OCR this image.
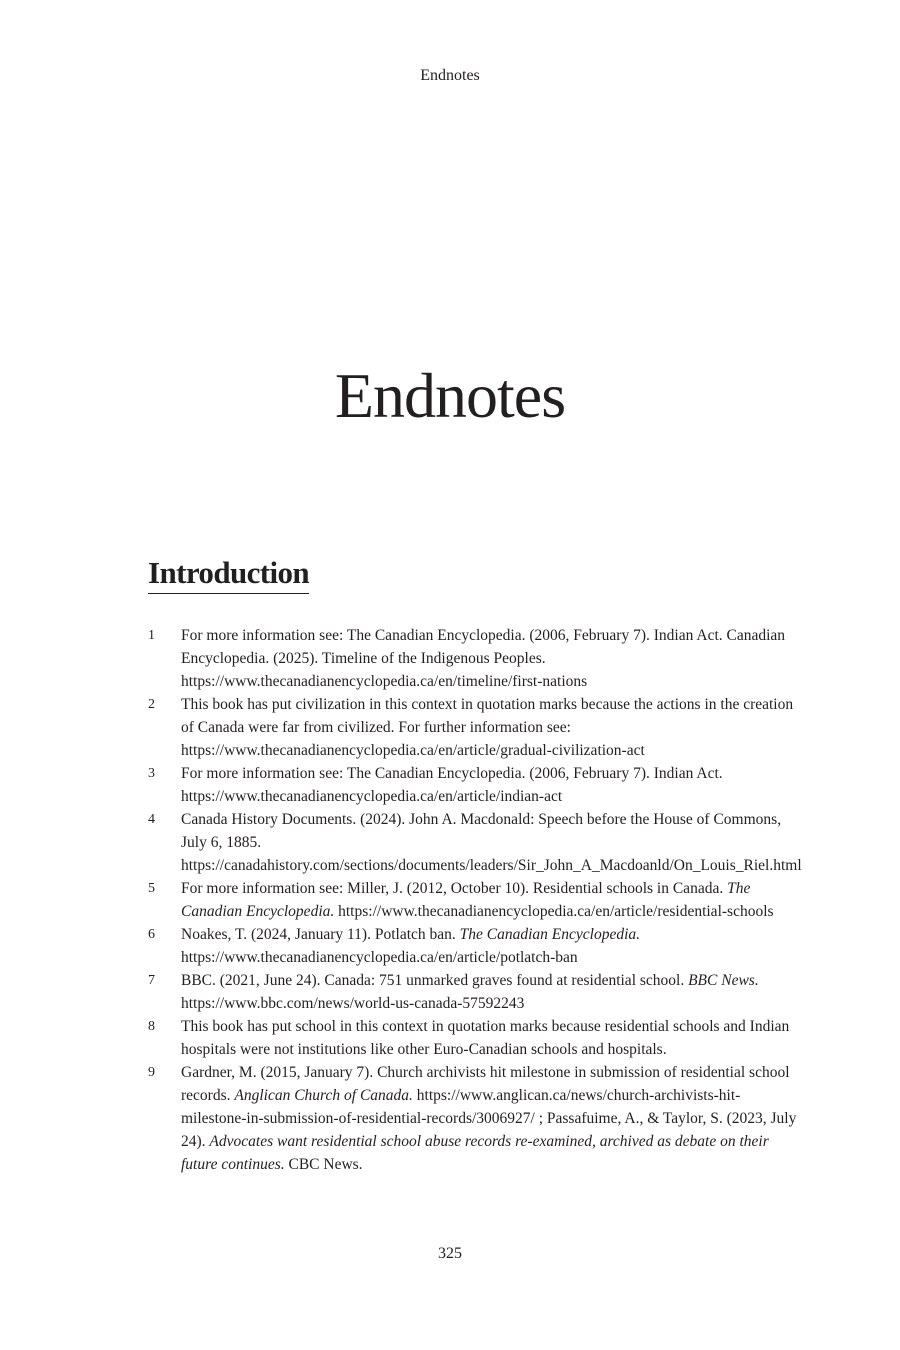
Endnotes
Endnotes
Introduction
1	For more information see: The Canadian Encyclopedia. (2006, February 7). Indian Act. Canadian Encyclopedia. (2025). Timeline of the Indigenous Peoples. https://www.thecanadianencyclopedia.ca/en/timeline/first-nations
2	This book has put civilization in this context in quotation marks because the actions in the creation of Canada were far from civilized. For further information see: https://www.thecanadianencyclopedia.ca/en/article/gradual-civilization-act
3	For more information see: The Canadian Encyclopedia. (2006, February 7). Indian Act. https://www.thecanadianencyclopedia.ca/en/article/indian-act
4	Canada History Documents. (2024). John A. Macdonald: Speech before the House of Commons, July 6, 1885. https://canadahistory.com/sections/documents/leaders/Sir_John_A_Macdoanld/On_Louis_Riel.html
5	For more information see: Miller, J. (2012, October 10). Residential schools in Canada. The Canadian Encyclopedia. https://www.thecanadianencyclopedia.ca/en/article/residential-schools
6	Noakes, T. (2024, January 11). Potlatch ban. The Canadian Encyclopedia. https://www.thecanadianencyclopedia.ca/en/article/potlatch-ban
7	BBC. (2021, June 24). Canada: 751 unmarked graves found at residential school. BBC News. https://www.bbc.com/news/world-us-canada-57592243
8	This book has put school in this context in quotation marks because residential schools and Indian hospitals were not institutions like other Euro-Canadian schools and hospitals.
9	Gardner, M. (2015, January 7). Church archivists hit milestone in submission of residential school records. Anglican Church of Canada. https://www.anglican.ca/news/church-archivists-hit-milestone-in-submission-of-residential-records/3006927/ ; Passafuime, A., & Taylor, S. (2023, July 24). Advocates want residential school abuse records re-examined, archived as debate on their future continues. CBC News.
325
